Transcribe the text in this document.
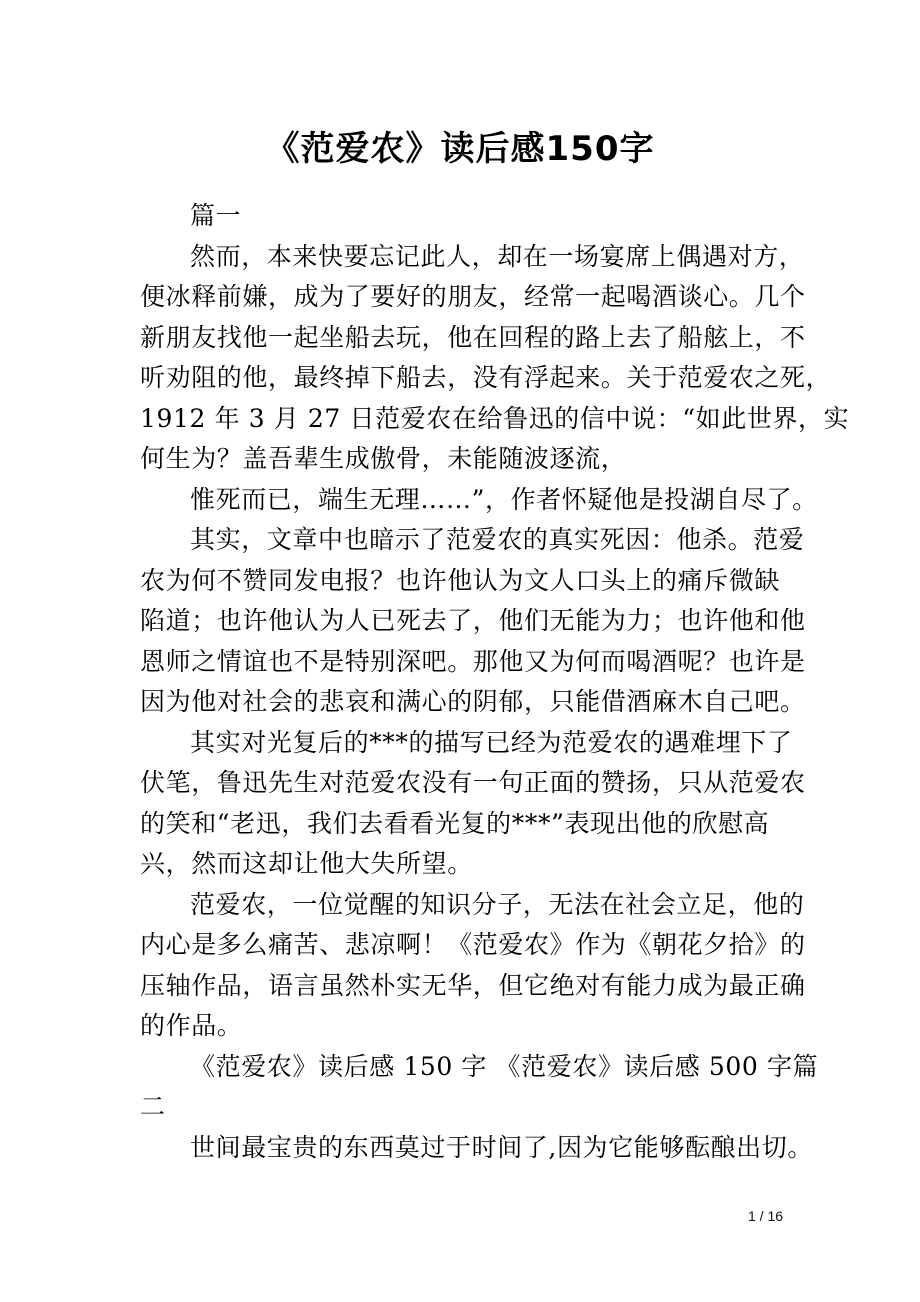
《范爱农》读后感150字
篇一
然而，本来快要忘记此人，却在一场宴席上偶遇对方，
便冰释前嫌，成为了要好的朋友，经常一起喝酒谈心。几个
新朋友找他一起坐船去玩，他在回程的路上去了船舷上，不
听劝阻的他，最终掉下船去，没有浮起来。关于范爱农之死，
1912 年 3 月 27 日范爱农在给鲁迅的信中说：“如此世界，实
何生为？盖吾辈生成傲骨，未能随波逐流，
惟死而已，端生无理……”，作者怀疑他是投湖自尽了。
其实，文章中也暗示了范爱农的真实死因：他杀。范爱
农为何不赞同发电报？也许他认为文人口头上的痛斥微缺
陷道；也许他认为人已死去了，他们无能为力；也许他和他
恩师之情谊也不是特别深吧。那他又为何而喝酒呢？也许是
因为他对社会的悲哀和满心的阴郁，只能借酒麻木自己吧。
其实对光复后的***的描写已经为范爱农的遇难埋下了
伏笔，鲁迅先生对范爱农没有一句正面的赞扬，只从范爱农
的笑和“老迅，我们去看看光复的***”表现出他的欣慰高
兴，然而这却让他大失所望。
范爱农，一位觉醒的知识分子，无法在社会立足，他的
内心是多么痛苦、悲凉啊！《范爱农》作为《朝花夕拾》的
压轴作品，语言虽然朴实无华，但它绝对有能力成为最正确
的作品。
《范爱农》读后感 150 字 《范爱农》读后感 500 字篇
二
世间最宝贵的东西莫过于时间了,因为它能够酝酿出切。
1 / 16
